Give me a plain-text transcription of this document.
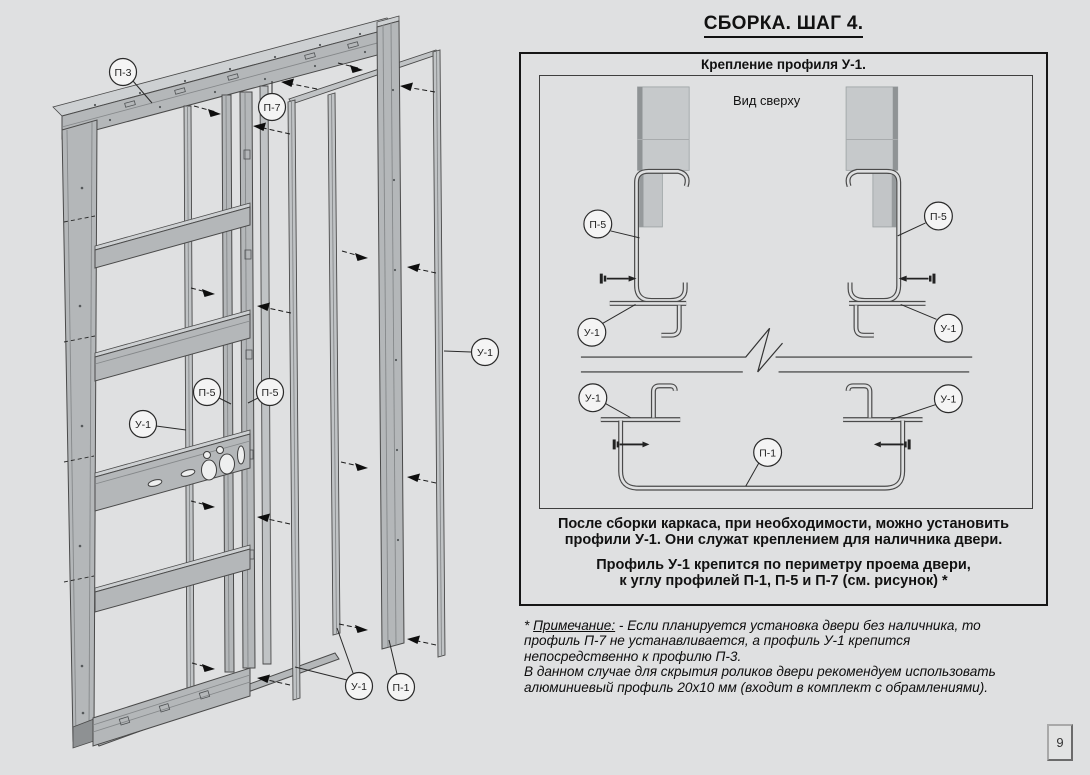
П-3
П-7
П-5	П-5
У-1
У-1
У-1 П-1
СБОРКА. ШАГ 4.
Крепление профиля У-1.
Вид сверху
П-5
П-5
У-1	У-1
У-1	У-1
П-1
После сборки каркаса, при необходимости, можно установить
профили У-1. Они служат креплением для наличника двери.
Профиль У-1 крепится по периметру проема двери,
к углу профилей П-1, П-5 и П-7 (см. рисунок) *

* Примечание: - Если планируется установка двери без наличника, то профиль П-7 не устанавливается, а профиль У-1 крепится непосредственно к профилю П-3.

В данном случае для скрытия роликов двери рекомендуем использовать алюминиевый профиль 20х10 мм (входит в комплект с обрамлениями).

9
